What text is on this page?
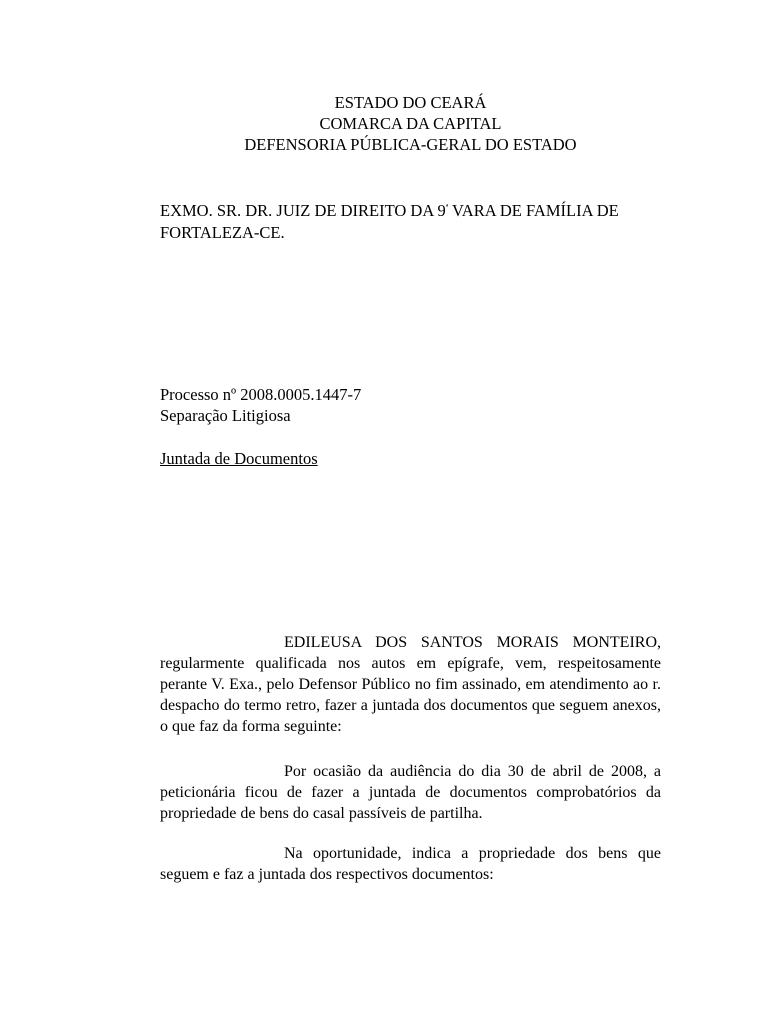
ESTADO DO CEARÁ
COMARCA DA CAPITAL
DEFENSORIA PÚBLICA-GERAL DO ESTADO
EXMO. SR. DR. JUIZ DE DIREITO DA $9^ª$ VARA DE FAMÍLIA DE FORTALEZA-CE.
Processo nº 2008.0005.1447-7
Separação Litigiosa
Juntada de Documentos
EDILEUSA DOS SANTOS MORAIS MONTEIRO, regularmente qualificada nos autos em epígrafe, vem, respeitosamente perante V. Exa., pelo Defensor Público no fim assinado, em atendimento ao r. despacho do termo retro, fazer a juntada dos documentos que seguem anexos, o que faz da forma seguinte:
Por ocasião da audiência do dia 30 de abril de 2008, a peticionária ficou de fazer a juntada de documentos comprobatórios da propriedade de bens do casal passíveis de partilha.
Na oportunidade, indica a propriedade dos bens que seguem e faz a juntada dos respectivos documentos:
